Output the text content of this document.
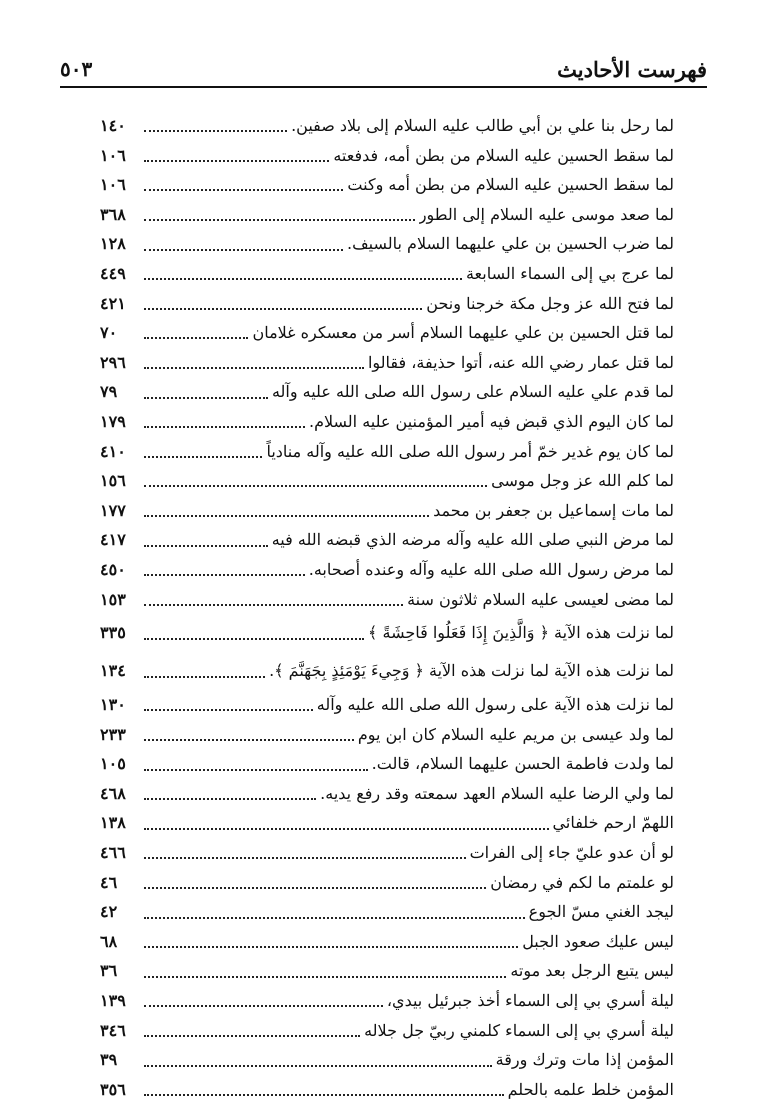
فهرست الأحاديث
٥٠٣
لما رحل بنا علي بن أبي طالب عليه السلام إلى بلاد صفين.
١٤٠
لما سقط الحسين عليه السلام من بطن أمه، فدفعته
١٠٦
لما سقط الحسين عليه السلام من بطن أمه وكنت
١٠٦
لما صعد موسى عليه السلام إلى الطور
٣٦٨
لما ضرب الحسين بن علي عليهما السلام بالسيف.
١٢٨
لما عرج بي إلى السماء السابعة
٤٤٩
لما فتح الله عز وجل مكة خرجنا ونحن
٤٢١
لما قتل الحسين بن علي عليهما السلام أسر من معسكره غلامان
٧٠
لما قتل عمار رضي الله عنه، أتوا حذيفة، فقالوا
٢٩٦
لما قدم علي عليه السلام على رسول الله صلى الله عليه وآله
٧٩
لما كان اليوم الذي قبض فيه أمير المؤمنين عليه السلام.
١٧٩
لما كان يوم غدير خمّ أمر رسول الله صلى الله عليه وآله منادياً
٤١٠
لما كلم الله عز وجل موسى
١٥٦
لما مات إسماعيل بن جعفر بن محمد
١٧٧
لما مرض النبي صلى الله عليه وآله مرضه الذي قبضه الله فيه
٤١٧
لما مرض رسول الله صلى الله عليه وآله وعنده أصحابه.
٤٥٠
لما مضى لعيسى عليه السلام ثلاثون سنة
١٥٣
لما نزلت هذه الآية ﴿ وَالَّذِينَ إِذَا فَعَلُوا فَاحِشَةً ﴾
٣٣٥
لما نزلت هذه الآية لما نزلت هذه الآية ﴿ وَجِيءَ يَوْمَئِذٍ بِجَهَنَّمَ ﴾.
١٣٤
لما نزلت هذه الآية على رسول الله صلى الله عليه وآله
١٣٠
لما ولد عيسى بن مريم عليه السلام كان ابن يوم
٢٣٣
لما ولدت فاطمة الحسن عليهما السلام، قالت.
١٠٥
لما ولي الرضا عليه السلام العهد سمعته وقد رفع يديه.
٤٦٨
اللهمّ ارحم خلفائي
١٣٨
لو أن عدو عليّ جاء إلى الفرات
٤٦٦
لو علمتم ما لكم في رمضان
٤٦
ليجد الغني مسّ الجوع
٤٢
ليس عليك صعود الجبل
٦٨
ليس يتبع الرجل بعد موته
٣٦
ليلة أسري بي إلى السماء أخذ جبرئيل بيدي،
١٣٩
ليلة أسري بي إلى السماء كلمني ربيّ جل جلاله
٣٤٦
المؤمن إذا مات وترك ورقة
٣٩
المؤمن خلط علمه بالحلم
٣٥٦
